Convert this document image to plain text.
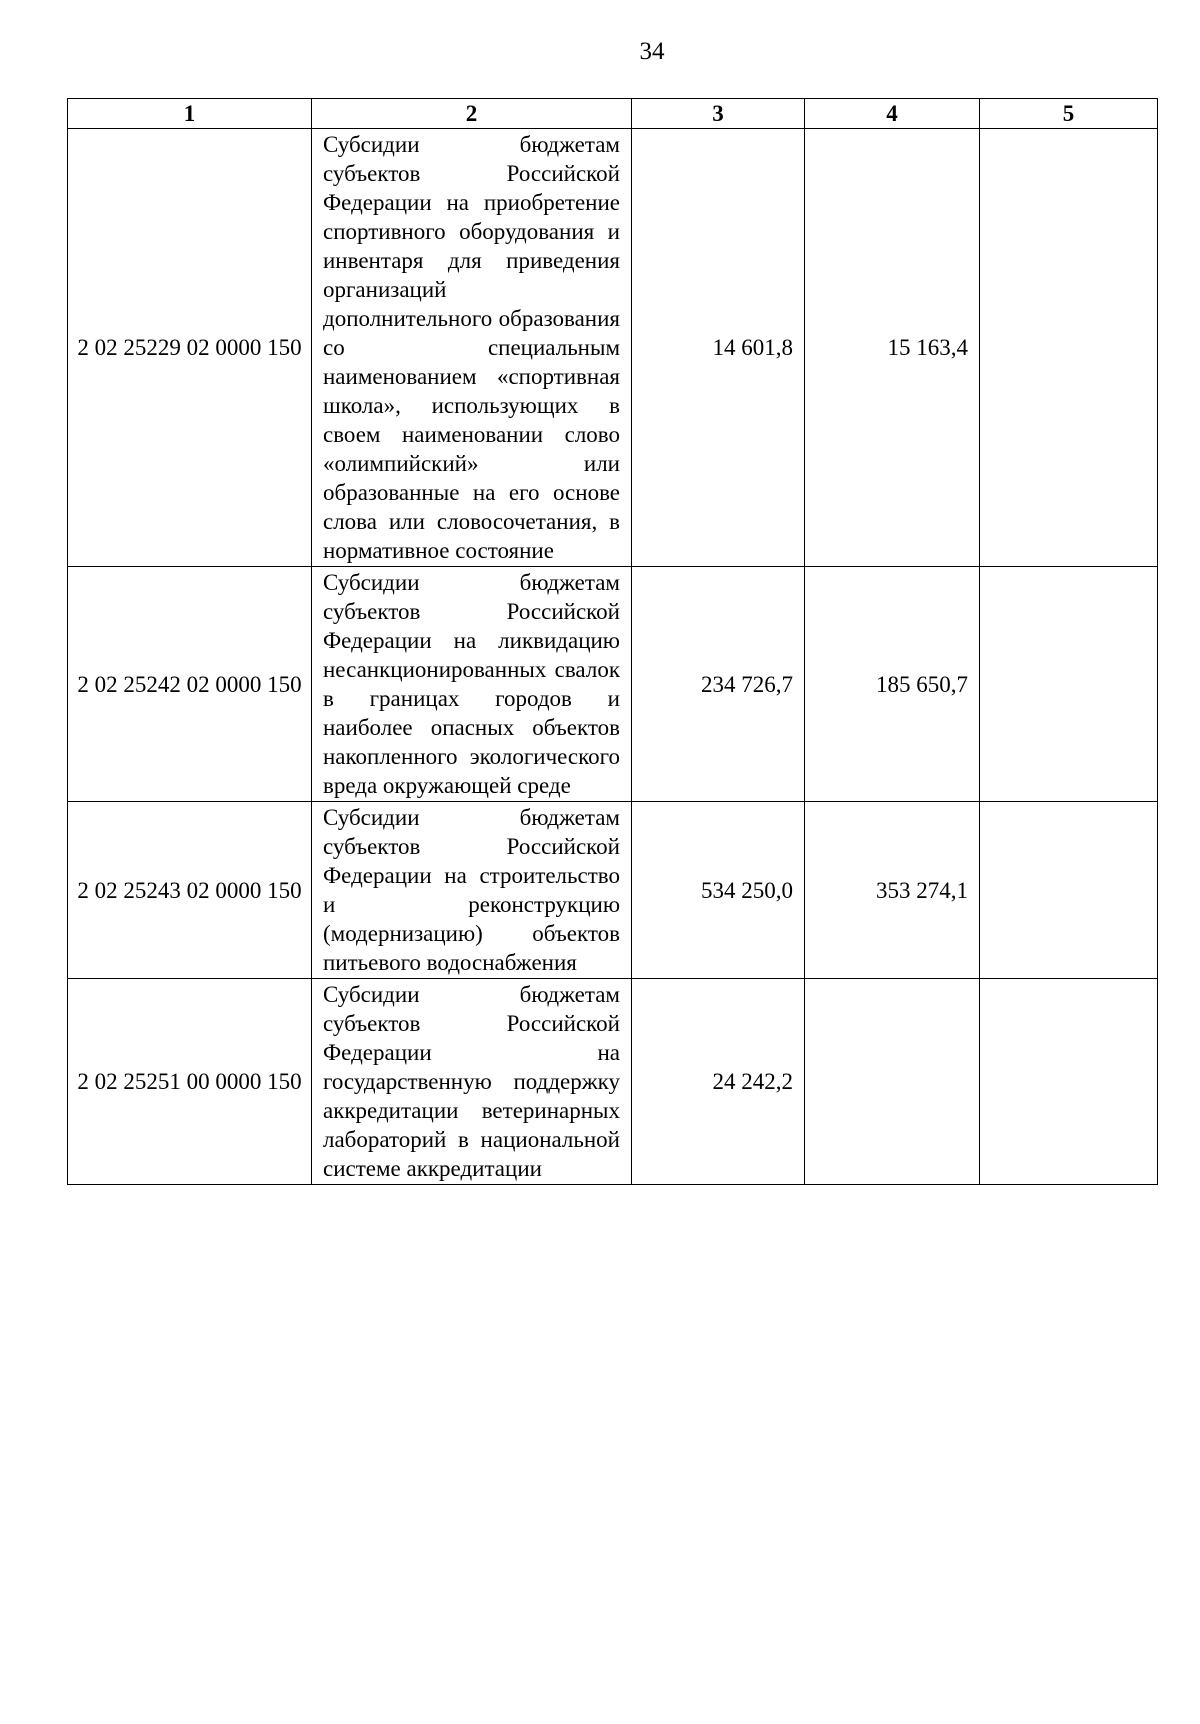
34
1	2	3	4	5
2 02 25229 02 0000 150	Субсидии бюджетам субъектов Российской Федерации на приобретение спортивного оборудования и инвентаря для приведения организаций дополнительного образования со специальным наименованием «спортивная школа», использующих в своем наименовании слово «олимпийский» или образованные на его основе слова или словосочетания, в нормативное состояние	14 601,8	15 163,4	
2 02 25242 02 0000 150	Субсидии бюджетам субъектов Российской Федерации на ликвидацию несанкционированных свалок в границах городов и наиболее опасных объектов накопленного экологического вреда окружающей среде	234 726,7	185 650,7	
2 02 25243 02 0000 150	Субсидии бюджетам субъектов Российской Федерации на строительство и реконструкцию (модернизацию) объектов питьевого водоснабжения	534 250,0	353 274,1	
2 02 25251 00 0000 150	Субсидии бюджетам субъектов Российской Федерации на государственную поддержку аккредитации ветеринарных лабораторий в национальной системе аккредитации	24 242,2		
